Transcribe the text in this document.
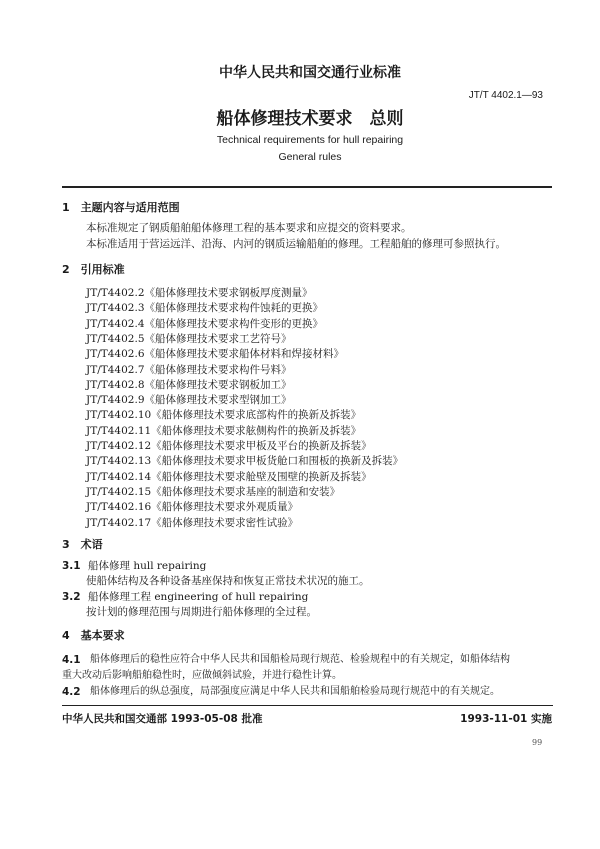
中华人民共和国交通行业标准
JT/T 4402.1—93
船体修理技术要求　总则
Technical requirements for hull repairing
General rules
1　主题内容与适用范围
本标准规定了钢质船舶船体修理工程的基本要求和应提交的资料要求。
本标准适用于营运远洋、沿海、内河的钢质运输船舶的修理。工程船舶的修理可参照执行。
2　引用标准
JT/T4402.2《船体修理技术要求钢板厚度测量》
JT/T4402.3《船体修理技术要求构件蚀耗的更换》
JT/T4402.4《船体修理技术要求构件变形的更换》
JT/T4402.5《船体修理技术要求工艺符号》
JT/T4402.6《船体修理技术要求船体材料和焊接材料》
JT/T4402.7《船体修理技术要求构件号料》
JT/T4402.8《船体修理技术要求钢板加工》
JT/T4402.9《船体修理技术要求型钢加工》
JT/T4402.10《船体修理技术要求底部构件的换新及拆装》
JT/T4402.11《船体修理技术要求舷侧构件的换新及拆装》
JT/T4402.12《船体修理技术要求甲板及平台的换新及拆装》
JT/T4402.13《船体修理技术要求甲板货舱口和围板的换新及拆装》
JT/T4402.14《船体修理技术要求舱壁及围壁的换新及拆装》
JT/T4402.15《船体修理技术要求基座的制造和安装》
JT/T4402.16《船体修理技术要求外观质量》
JT/T4402.17《船体修理技术要求密性试验》
3　术语
3.1 船体修理 hull repairing
使船体结构及各种设备基座保持和恢复正常技术状况的施工。
3.2 船体修理工程 engineering of hull repairing
按计划的修理范围与周期进行船体修理的全过程。
4　基本要求
4.1 船体修理后的稳性应符合中华人民共和国船检局现行规范、检验规程中的有关规定，如船体结构
重大改动后影响船舶稳性时，应做倾斜试验，并进行稳性计算。
4.2 船体修理后的纵总强度，局部强度应满足中华人民共和国船舶检验局现行规范中的有关规定。
中华人民共和国交通部 1993-05-08 批准	1993-11-01 实施
99
